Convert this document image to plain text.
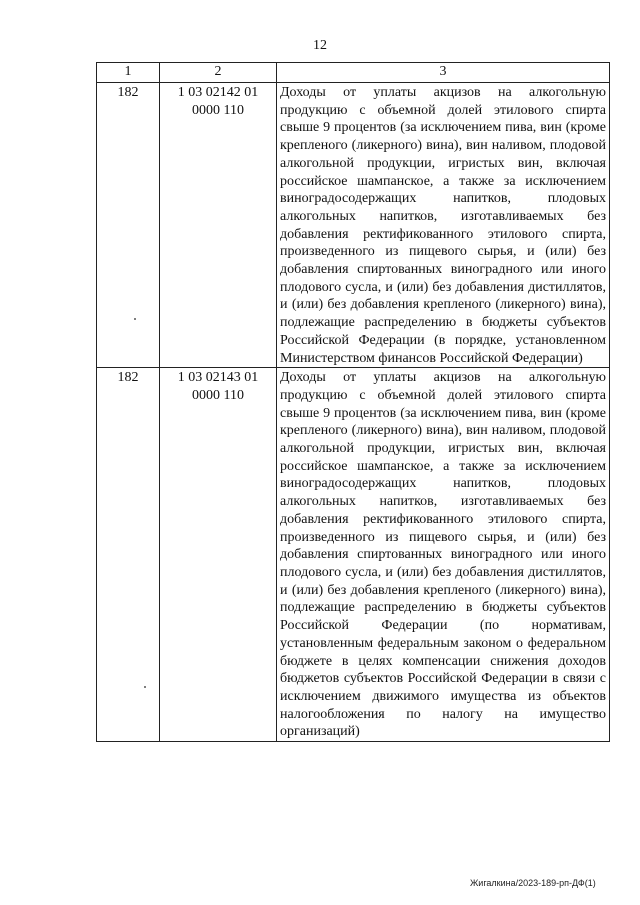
12
1	2	3
182	1 03 02142 01 0000 110	Доходы от уплаты акцизов на алкогольную продукцию с объемной долей этилового спирта свыше 9 процентов (за исключением пива, вин (кроме крепленого (ликерного) вина), вин наливом, плодовой алкогольной продукции, игристых вин, включая российское шампанское, а также за исключением виноградосодержащих напитков, плодовых алкогольных напитков, изготавливаемых без добавления ректификованного этилового спирта, произведенного из пищевого сырья, и (или) без добавления спиртованных виноградного или иного плодового сусла, и (или) без добавления дистиллятов, и (или) без добавления крепленого (ликерного) вина), подлежащие распределению в бюджеты субъектов Российской Федерации (в порядке, установленном Министерством финансов Российской Федерации)
182	1 03 02143 01 0000 110	Доходы от уплаты акцизов на алкогольную продукцию с объемной долей этилового спирта свыше 9 процентов (за исключением пива, вин (кроме крепленого (ликерного) вина), вин наливом, плодовой алкогольной продукции, игристых вин, включая российское шампанское, а также за исключением виноградосодержащих напитков, плодовых алкогольных напитков, изготавливаемых без добавления ректификованного этилового спирта, произведенного из пищевого сырья, и (или) без добавления спиртованных виноградного или иного плодового сусла, и (или) без добавления дистиллятов, и (или) без добавления крепленого (ликерного) вина), подлежащие распределению в бюджеты субъектов Российской Федерации (по нормативам, установленным федеральным законом о федеральном бюджете в целях компенсации снижения доходов бюджетов субъектов Российской Федерации в связи с исключением движимого имущества из объектов налогообложения по налогу на имущество организаций)
Жигалкина/2023-189-рп-ДФ(1)
